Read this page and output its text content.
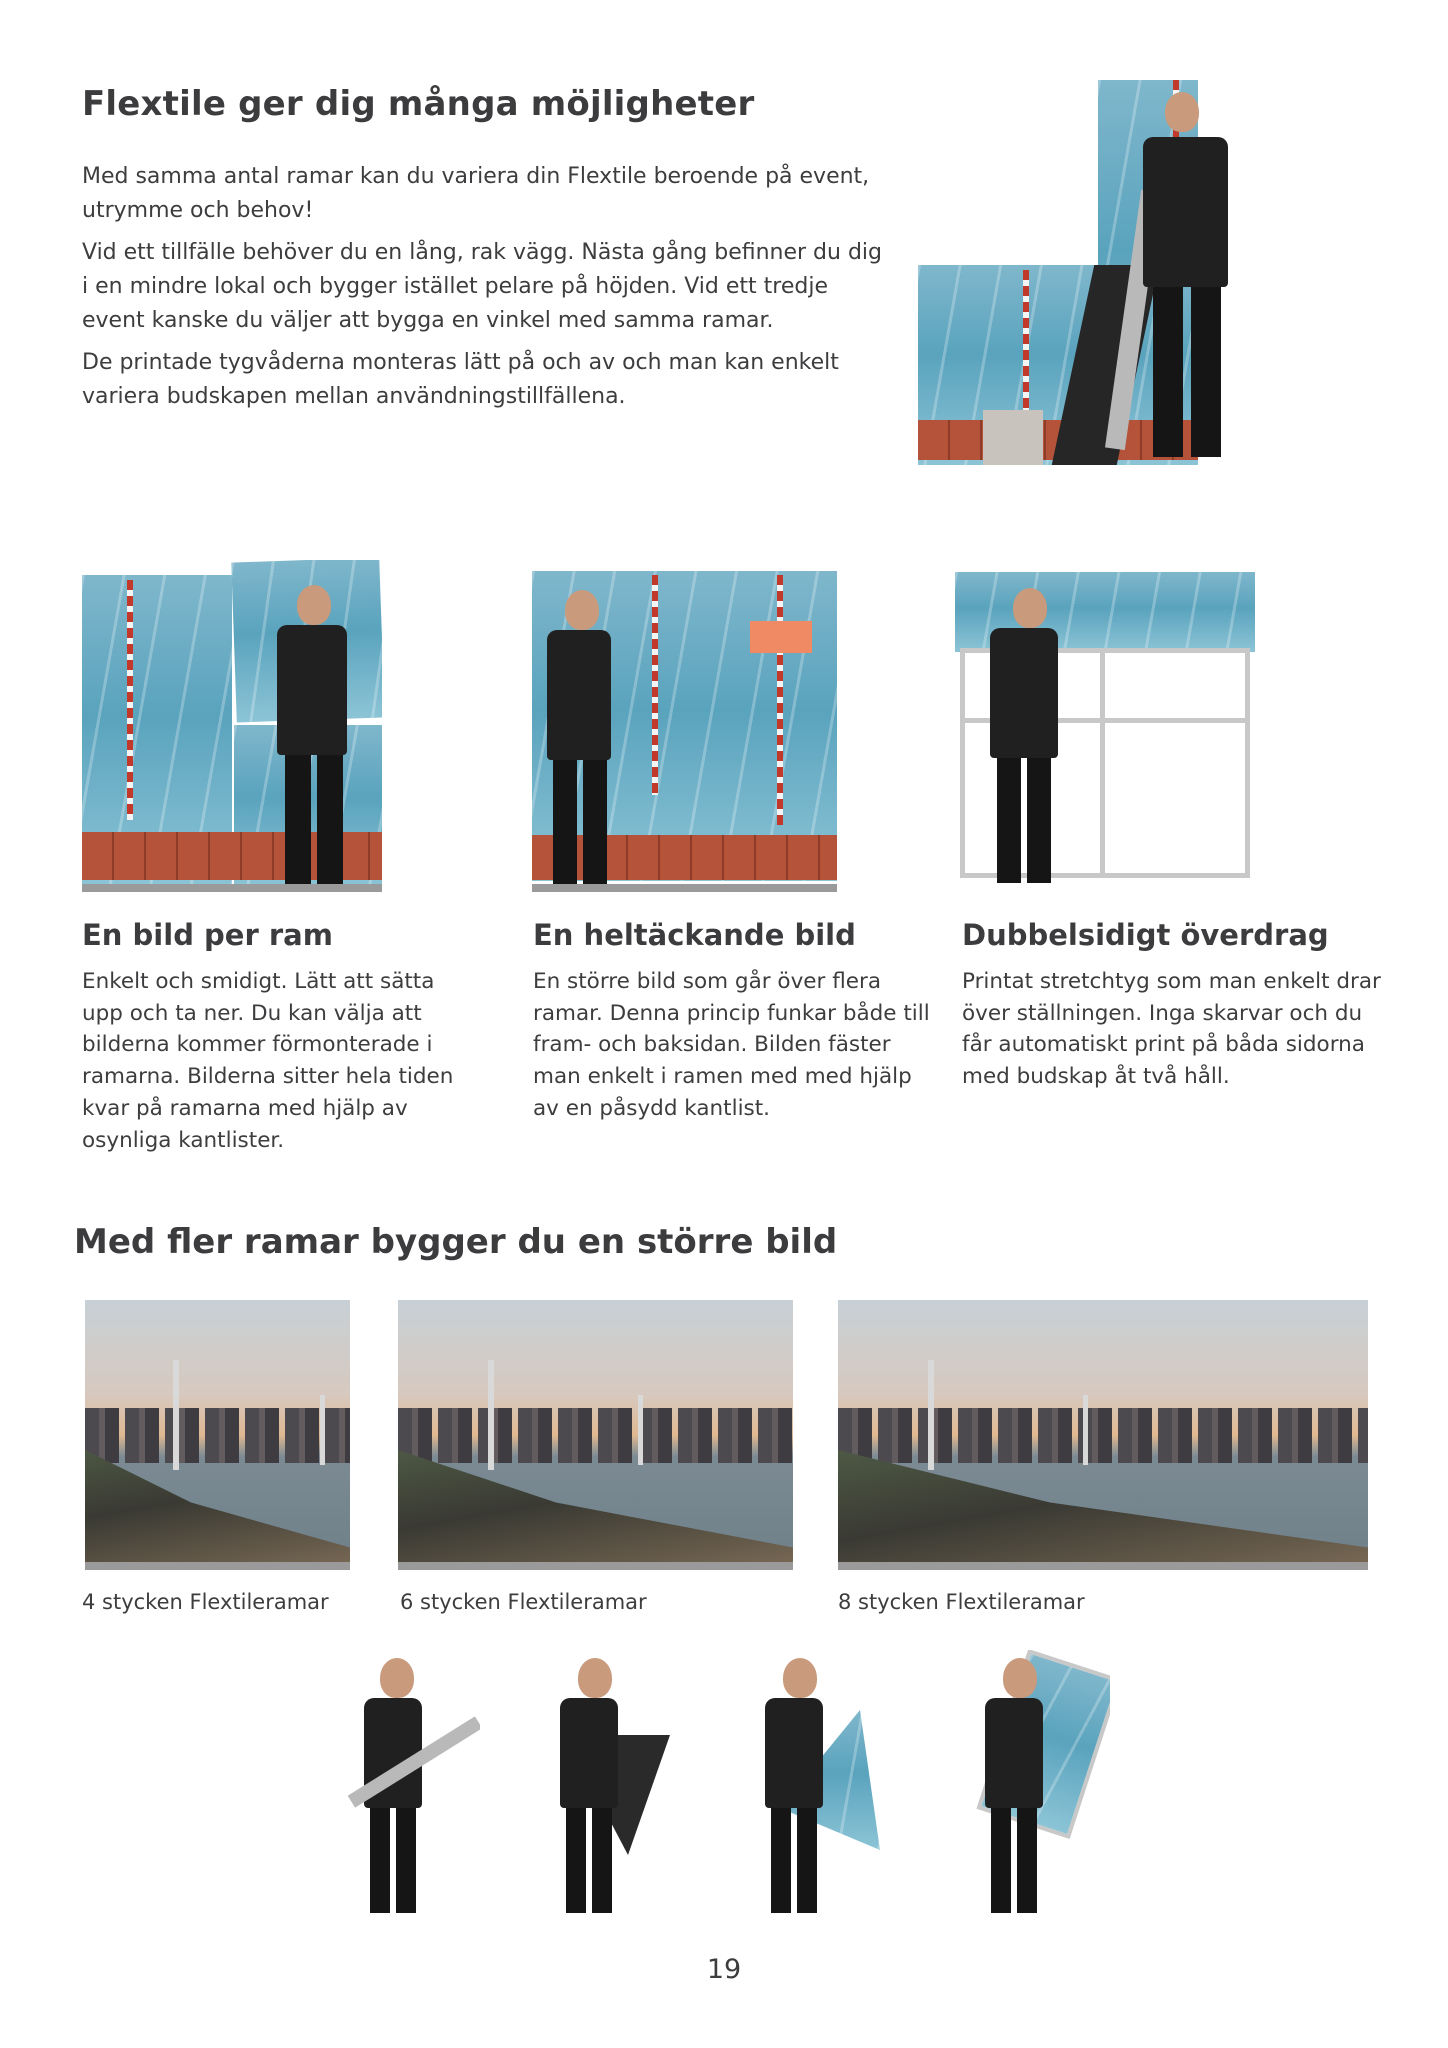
Flextile ger dig många möjligheter

Med samma antal ramar kan du variera din Flextile beroende på event, utrymme och behov!

Vid ett tillfälle behöver du en lång, rak vägg. Nästa gång befinner du dig i en mindre lokal och bygger istället pelare på höjden. Vid ett tredje event kanske du väljer att bygga en vinkel med samma ramar.

De printade tygvåderna monteras lätt på och av och man kan enkelt variera budskapen mellan användningstillfällena.

En bild per ram
Enkelt och smidigt. Lätt att sätta upp och ta ner. Du kan välja att bilderna kommer förmonterade i ramarna. Bilderna sitter hela tiden kvar på ramarna med hjälp av osynliga kantlister.
En heltäckande bild
En större bild som går över flera ramar. Denna princip funkar både till fram- och baksidan. Bilden fäster man enkelt i ramen med med hjälp av en påsydd kantlist.
Dubbelsidigt överdrag
Printat stretchtyg som man enkelt drar över ställningen. Inga skarvar och du får automatiskt print på båda sidorna med budskap åt två håll.
Med fler ramar bygger du en större bild
4 stycken Flextileramar	6 stycken Flextileramar	8 stycken Flextileramar
19
